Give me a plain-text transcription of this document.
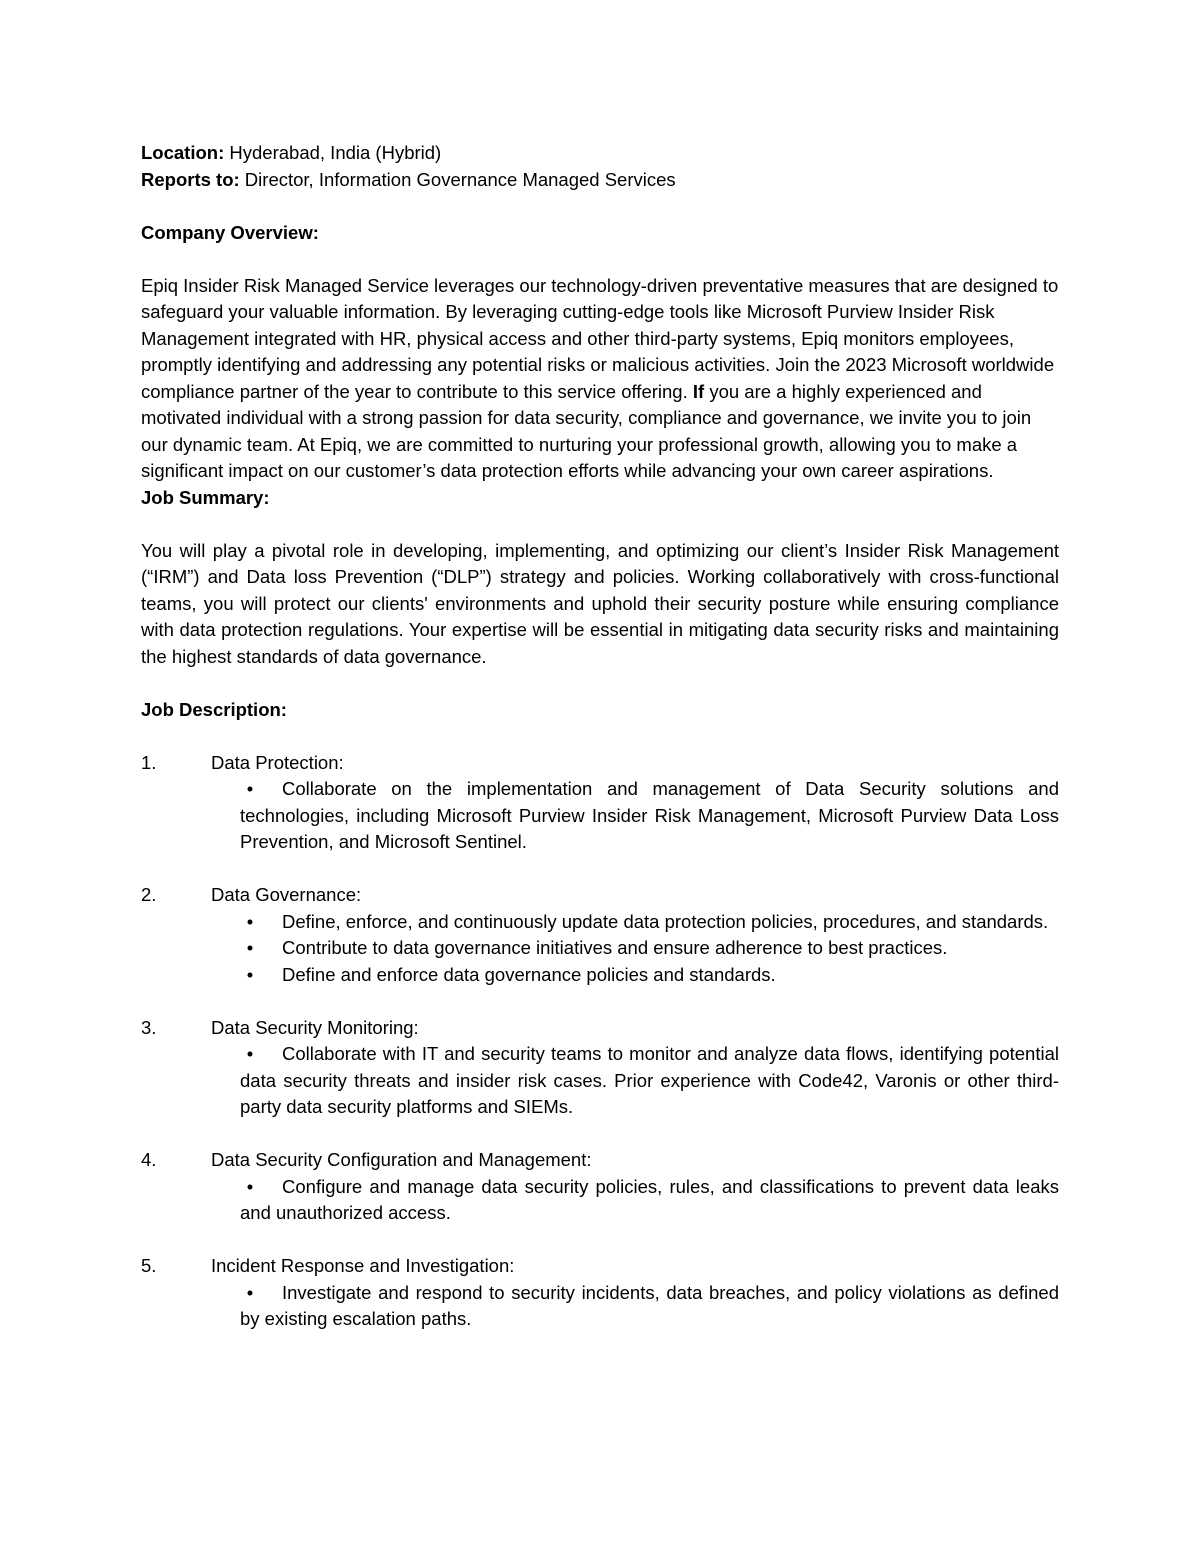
Location: Hyderabad, India (Hybrid)
Reports to: Director, Information Governance Managed Services
Company Overview:
Epiq Insider Risk Managed Service leverages our technology-driven preventative measures that are designed to safeguard your valuable information. By leveraging cutting-edge tools like Microsoft Purview Insider Risk Management integrated with HR, physical access and other third-party systems, Epiq monitors employees, promptly identifying and addressing any potential risks or malicious activities. Join the 2023 Microsoft worldwide compliance partner of the year to contribute to this service offering. If you are a highly experienced and motivated individual with a strong passion for data security, compliance and governance, we invite you to join our dynamic team. At Epiq, we are committed to nurturing your professional growth, allowing you to make a significant impact on our customer’s data protection efforts while advancing your own career aspirations.
Job Summary:
You will play a pivotal role in developing, implementing, and optimizing our client’s Insider Risk Management (“IRM”) and Data loss Prevention (“DLP”) strategy and policies. Working collaboratively with cross-functional teams, you will protect our clients' environments and uphold their security posture while ensuring compliance with data protection regulations. Your expertise will be essential in mitigating data security risks and maintaining the highest standards of data governance.
Job Description:
1.	Data Protection:
•	Collaborate on the implementation and management of Data Security solutions and technologies, including Microsoft Purview Insider Risk Management, Microsoft Purview Data Loss Prevention, and Microsoft Sentinel.
2.	Data Governance:
•	Define, enforce, and continuously update data protection policies, procedures, and standards.
•	Contribute to data governance initiatives and ensure adherence to best practices.
•	Define and enforce data governance policies and standards.
3.	Data Security Monitoring:
•	Collaborate with IT and security teams to monitor and analyze data flows, identifying potential data security threats and insider risk cases. Prior experience with Code42, Varonis or other third-party data security platforms and SIEMs.
4.	Data Security Configuration and Management:
•	Configure and manage data security policies, rules, and classifications to prevent data leaks and unauthorized access.
5.	Incident Response and Investigation:
•	Investigate and respond to security incidents, data breaches, and policy violations as defined by existing escalation paths.
